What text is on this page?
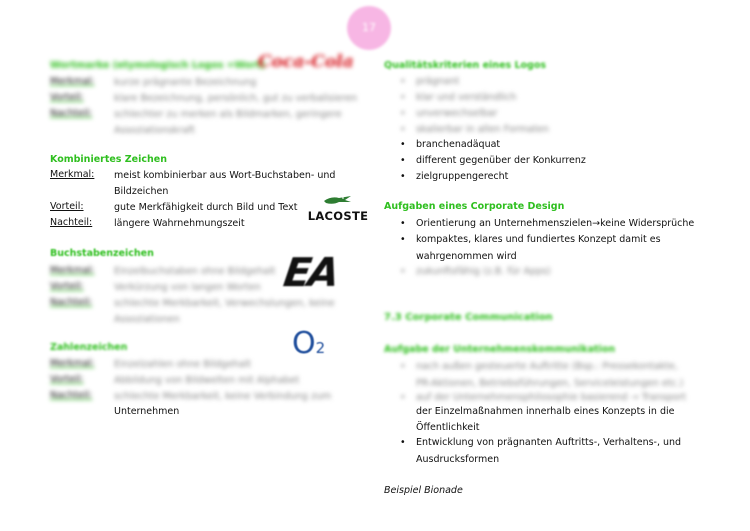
17
Wortmarke (etymologisch Logos =Wort)
Merkmal: kurze prägnante Bezeichnung
Vorteil:	klare Bezeichnung, persönlich, gut zu verbalisieren
Nachteil: schlechter zu merken als Bildmarken, geringere
Assoziationskraft
Coca-Cola
Kombiniertes Zeichen
Merkmal: meist kombinierbar aus Wort-Buchstaben- und
Bildzeichen
Vorteil:	gute Merkfähigkeit durch Bild und Text
Nachteil: längere Wahrnehmungszeit
LACOSTE
Buchstabenzeichen
Merkmal: Einzelbuchstaben ohne Bildgehalt
Vorteil:	Verkürzung von langen Worten
Nachteil: schlechte Merkbarkeit, Verwechslungen, keine
Assoziationen
EA
Zahlenzeichen
Merkmal: Einzelzahlen ohne Bildgehalt
Vorteil:	Abbildung von Bildwelten mit Alphabet
Nachteil: schlechte Merkbarkeit, keine Verbindung zum
Unternehmen
O2
Qualitätskriterien eines Logos
• prägnant
• klar und verständlich
• unverwechselbar
• skalierbar in allen Formaten
• branchenadäquat
• different gegenüber der Konkurrenz
• zielgruppengerecht
Aufgaben eines Corporate Design
• Orientierung an Unternehmenszielen→keine Widersprüche
• kompaktes, klares und fundiertes Konzept damit es
wahrgenommen wird
• zukunftsfähig (z.B. für Apps)
7.3 Corporate Communication
Aufgabe der Unternehmenskommunikation
• nach außen gesteuerte Auftritte (Bsp.: Pressekontakte,
PR-Aktionen, Betriebsführungen, Serviceleistungen etc.)
• auf der Unternehmensphilosophie basierend → Transport
der Einzelmaßnahmen innerhalb eines Konzepts in die
Öffentlichkeit
• Entwicklung von prägnanten Auftritts-, Verhaltens-, und
Ausdrucksformen
Beispiel Bionade
